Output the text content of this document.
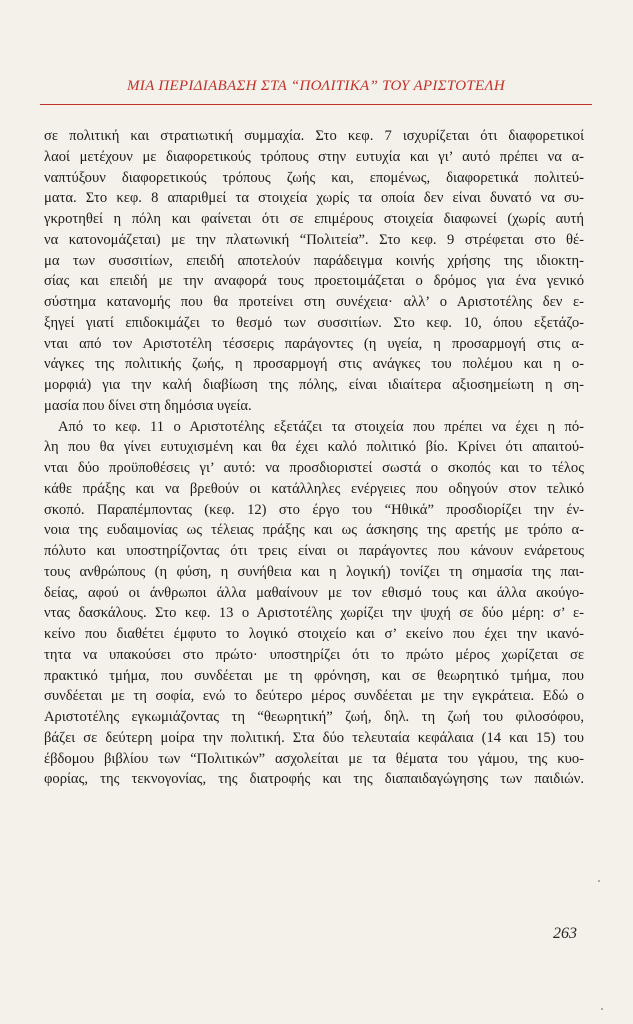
ΜΙΑ ΠΕΡΙΔΙΑΒΑΣΗ ΣΤΑ “ΠΟΛΙΤΙΚΑ” ΤΟΥ ΑΡΙΣΤΟΤΕΛΗ

σε πολιτική και στρατιωτική συμμαχία. Στο κεφ. 7 ισχυρίζεται ότι διαφορετικοί
λαοί μετέχουν με διαφορετικούς τρόπους στην ευτυχία και γι’ αυτό πρέπει να α-
ναπτύξουν διαφορετικούς τρόπους ζωής και, επομένως, διαφορετικά πολιτεύ-
ματα. Στο κεφ. 8 απαριθμεί τα στοιχεία χωρίς τα οποία δεν είναι δυνατό να συ-
γκροτηθεί η πόλη και φαίνεται ότι σε επιμέρους στοιχεία διαφωνεί (χωρίς αυτή
να κατονομάζεται) με την πλατωνική “Πολιτεία”. Στο κεφ. 9 στρέφεται στο θέ-
μα των συσσιτίων, επειδή αποτελούν παράδειγμα κοινής χρήσης της ιδιοκτη-
σίας και επειδή με την αναφορά τους προετοιμάζεται ο δρόμος για ένα γενικό
σύστημα κατανομής που θα προτείνει στη συνέχεια· αλλ’ ο Αριστοτέλης δεν ε-
ξηγεί γιατί επιδοκιμάζει το θεσμό των συσσιτίων. Στο κεφ. 10, όπου εξετάζο-
νται από τον Αριστοτέλη τέσσερις παράγοντες (η υγεία, η προσαρμογή στις α-
νάγκες της πολιτικής ζωής, η προσαρμογή στις ανάγκες του πολέμου και η ο-
μορφιά) για την καλή διαβίωση της πόλης, είναι ιδιαίτερα αξιοσημείωτη η ση-
μασία που δίνει στη δημόσια υγεία.

Από το κεφ. 11 ο Αριστοτέλης εξετάζει τα στοιχεία που πρέπει να έχει η πό-
λη που θα γίνει ευτυχισμένη και θα έχει καλό πολιτικό βίο. Κρίνει ότι απαιτού-
νται δύο προϋποθέσεις γι’ αυτό: να προσδιοριστεί σωστά ο σκοπός και το τέλος
κάθε πράξης και να βρεθούν οι κατάλληλες ενέργειες που οδηγούν στον τελικό
σκοπό. Παραπέμποντας (κεφ. 12) στο έργο του “Ηθικά” προσδιορίζει την έν-
νοια της ευδαιμονίας ως τέλειας πράξης και ως άσκησης της αρετής με τρόπο α-
πόλυτο και υποστηρίζοντας ότι τρεις είναι οι παράγοντες που κάνουν ενάρετους
τους ανθρώπους (η φύση, η συνήθεια και η λογική) τονίζει τη σημασία της παι-
δείας, αφού οι άνθρωποι άλλα μαθαίνουν με τον εθισμό τους και άλλα ακούγο-
ντας δασκάλους. Στο κεφ. 13 ο Αριστοτέλης χωρίζει την ψυχή σε δύο μέρη: σ’ ε-
κείνο που διαθέτει έμφυτο το λογικό στοιχείο και σ’ εκείνο που έχει την ικανό-
τητα να υπακούσει στο πρώτο· υποστηρίζει ότι το πρώτο μέρος χωρίζεται σε
πρακτικό τμήμα, που συνδέεται με τη φρόνηση, και σε θεωρητικό τμήμα, που
συνδέεται με τη σοφία, ενώ το δεύτερο μέρος συνδέεται με την εγκράτεια. Εδώ ο
Αριστοτέλης εγκωμιάζοντας τη “θεωρητική” ζωή, δηλ. τη ζωή του φιλοσόφου,
βάζει σε δεύτερη μοίρα την πολιτική. Στα δύο τελευταία κεφάλαια (14 και 15) του
έβδομου βιβλίου των “Πολιτικών” ασχολείται με τα θέματα του γάμου, της κυο-
φορίας, της τεκνογονίας, της διατροφής και της διαπαιδαγώγησης των παιδιών.

263
